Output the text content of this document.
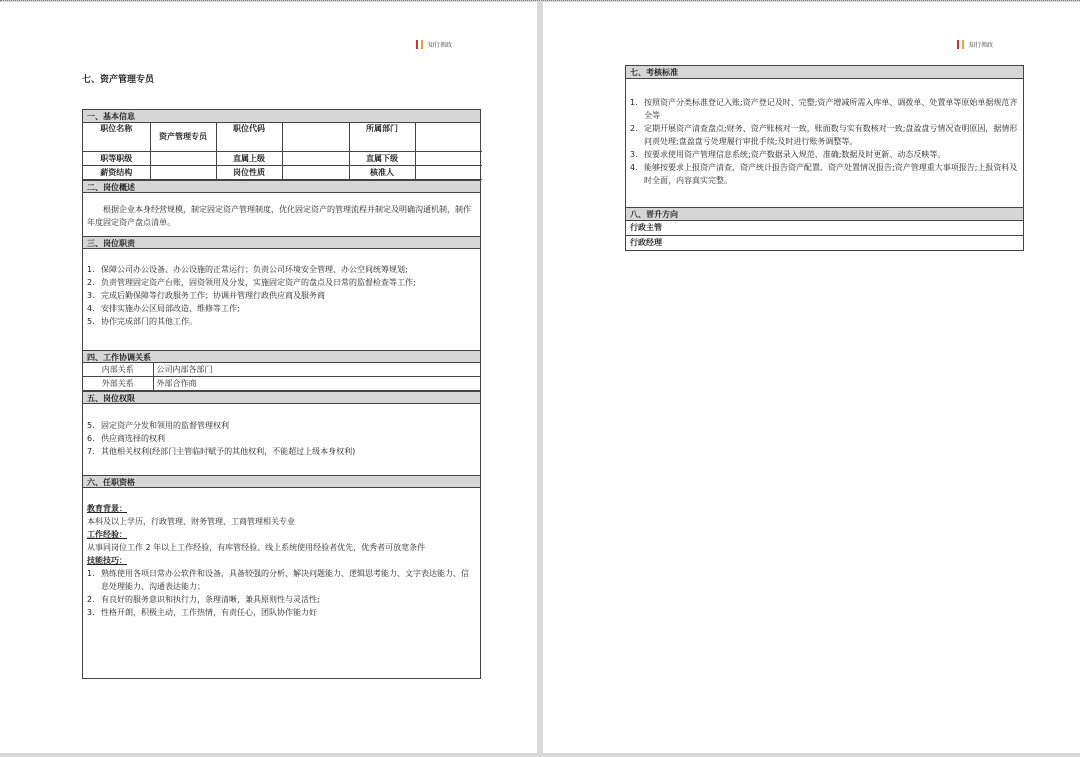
知行领政
七、资产管理专员
一、基本信息
职位名称	资产管理专员	职位代码		所属部门	
职等职级		直属上级		直属下级	
薪资结构		岗位性质		核准人	
二、岗位概述

根据企业本身经营规模，制定固定资产管理制度，优化固定资产的管理流程并制定及明确沟通机制，制作年度固定资产盘点清单。

三、岗位职责
1. 保障公司办公设备、办公设施的正常运行；负责公司环境安全管理、办公空间统筹规划;
2. 负责管理固定资产台账，固资领用及分发，实施固定资产的盘点及日常的监督检查等工作;
3. 完成后勤保障等行政服务工作；协调并管理行政供应商及服务商
4. 安排实施办公区局部改造、维修等工作;
5. 协作完成部门的其他工作。
四、工作协调关系
内部关系	公司内部各部门
外部关系	外部合作商
五、岗位权限
5. 固定资产分发和领用的监督管理权利
6. 供应商选择的权利
7. 其他相关权利(经部门主管临时赋予的其他权利，不能超过上级本身权利)
六、任职资格
教育背景：
本科及以上学历，行政管理、财务管理、工商管理相关专业
工作经验：
从事同岗位工作 2 年以上工作经验，有库管经验、线上系统使用经验者优先，优秀者可放宽条件
技能技巧：
1. 熟练使用各项日常办公软件和设备，具备较强的分析、解决问题能力、逻辑思考能力、文字表达能力、信息处理能力、沟通表达能力；
2. 有良好的服务意识和执行力，条理清晰，兼具原则性与灵活性;
3. 性格开朗，积极主动，工作热情，有责任心，团队协作能力好
知行领政
七、考核标准
1. 按照资产分类标准登记入账;资产登记及时、完整;资产增减所需入库单、调拨单、处置单等原始单据规范齐全等
2. 定期开展资产清查盘点;财务、资产账核对一致，账面数与实有数核对一致;盘盈盘亏情况查明原因，据情形问责处理;盘盈盘亏处理履行审批手续;及时进行账务调整等。
3. 按要求使用资产管理信息系统;资产数据录入规范、准确;数据及时更新、动态反映等。
4. 能够按要求上报资产清查、资产统计报告资产配置、资产处置情况报告;资产管理重大事项报告;上报资料及时全面，内容真实完整。
八、晋升方向
行政主管
行政经理
